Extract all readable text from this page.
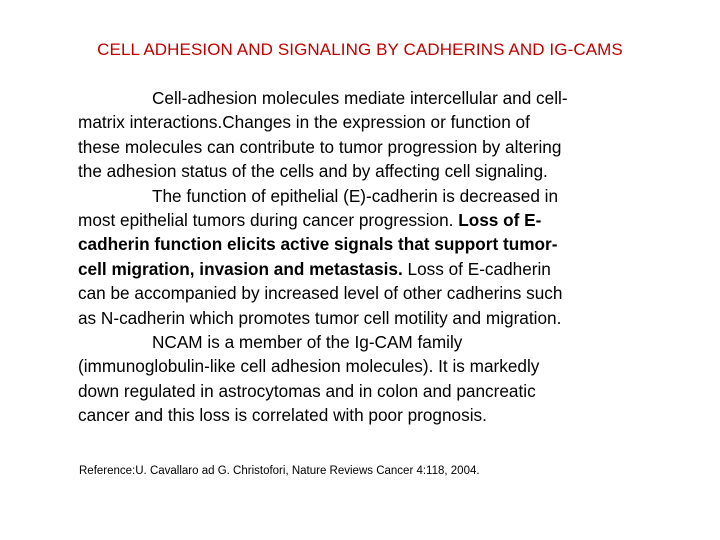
CELL ADHESION AND SIGNALING BY CADHERINS AND IG-CAMS
Cell-adhesion molecules mediate intercellular and cell-
matrix interactions.Changes in the expression or function of
these molecules can contribute to tumor progression by altering
the adhesion status of the cells and by affecting cell signaling.
The function of epithelial (E)-cadherin is decreased in
most epithelial tumors during cancer progression. Loss of E-
cadherin function elicits active signals that support tumor-
cell migration, invasion and metastasis. Loss of E-cadherin
can be accompanied by increased level of other cadherins such
as N-cadherin which promotes tumor cell motility and migration.
NCAM is a member of the Ig-CAM family
(immunoglobulin-like cell adhesion molecules). It is markedly
down regulated in astrocytomas and in colon and pancreatic
cancer and this loss is correlated with poor prognosis.
Reference:U. Cavallaro ad G. Christofori, Nature Reviews Cancer 4:118, 2004.
